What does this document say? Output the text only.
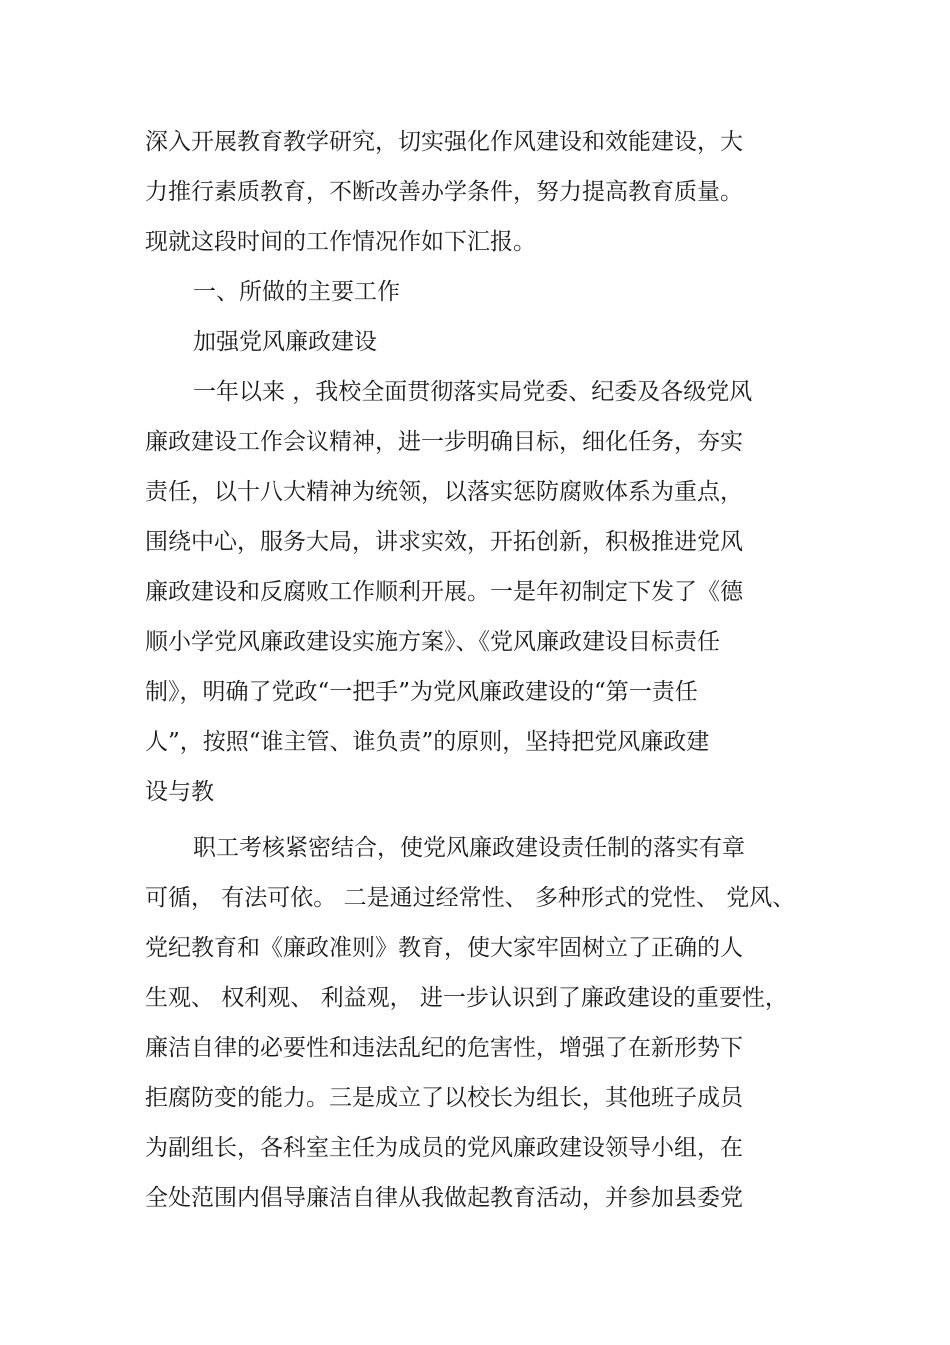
深入开展教育教学研究，切实强化作风建设和效能建设，大
力推行素质教育，不断改善办学条件，努力提高教育质量。
现就这段时间的工作情况作如下汇报。
一、所做的主要工作
加强党风廉政建设
一年以来 ，我校全面贯彻落实局党委、纪委及各级党风
廉政建设工作会议精神，进一步明确目标，细化任务，夯实
责任，以十八大精神为统领，以落实惩防腐败体系为重点，
围绕中心，服务大局，讲求实效，开拓创新，积极推进党风
廉政建设和反腐败工作顺利开展。一是年初制定下发了《德
顺小学党风廉政建设实施方案》、《党风廉政建设目标责任
制》，明确了党政“一把手”为党风廉政建设的“第一责任
人”，按照“谁主管、谁负责”的原则，坚持把党风廉政建
设与教
职工考核紧密结合，使党风廉政建设责任制的落实有章
可循， 有法可依。 二是通过经常性、 多种形式的党性、 党风、
党纪教育和《廉政准则》教育，使大家牢固树立了正确的人
生观、 权利观、 利益观， 进一步认识到了廉政建设的重要性，
廉洁自律的必要性和违法乱纪的危害性，增强了在新形势下
拒腐防变的能力。三是成立了以校长为组长，其他班子成员
为副组长，各科室主任为成员的党风廉政建设领导小组，在
全处范围内倡导廉洁自律从我做起教育活动，并参加县委党
